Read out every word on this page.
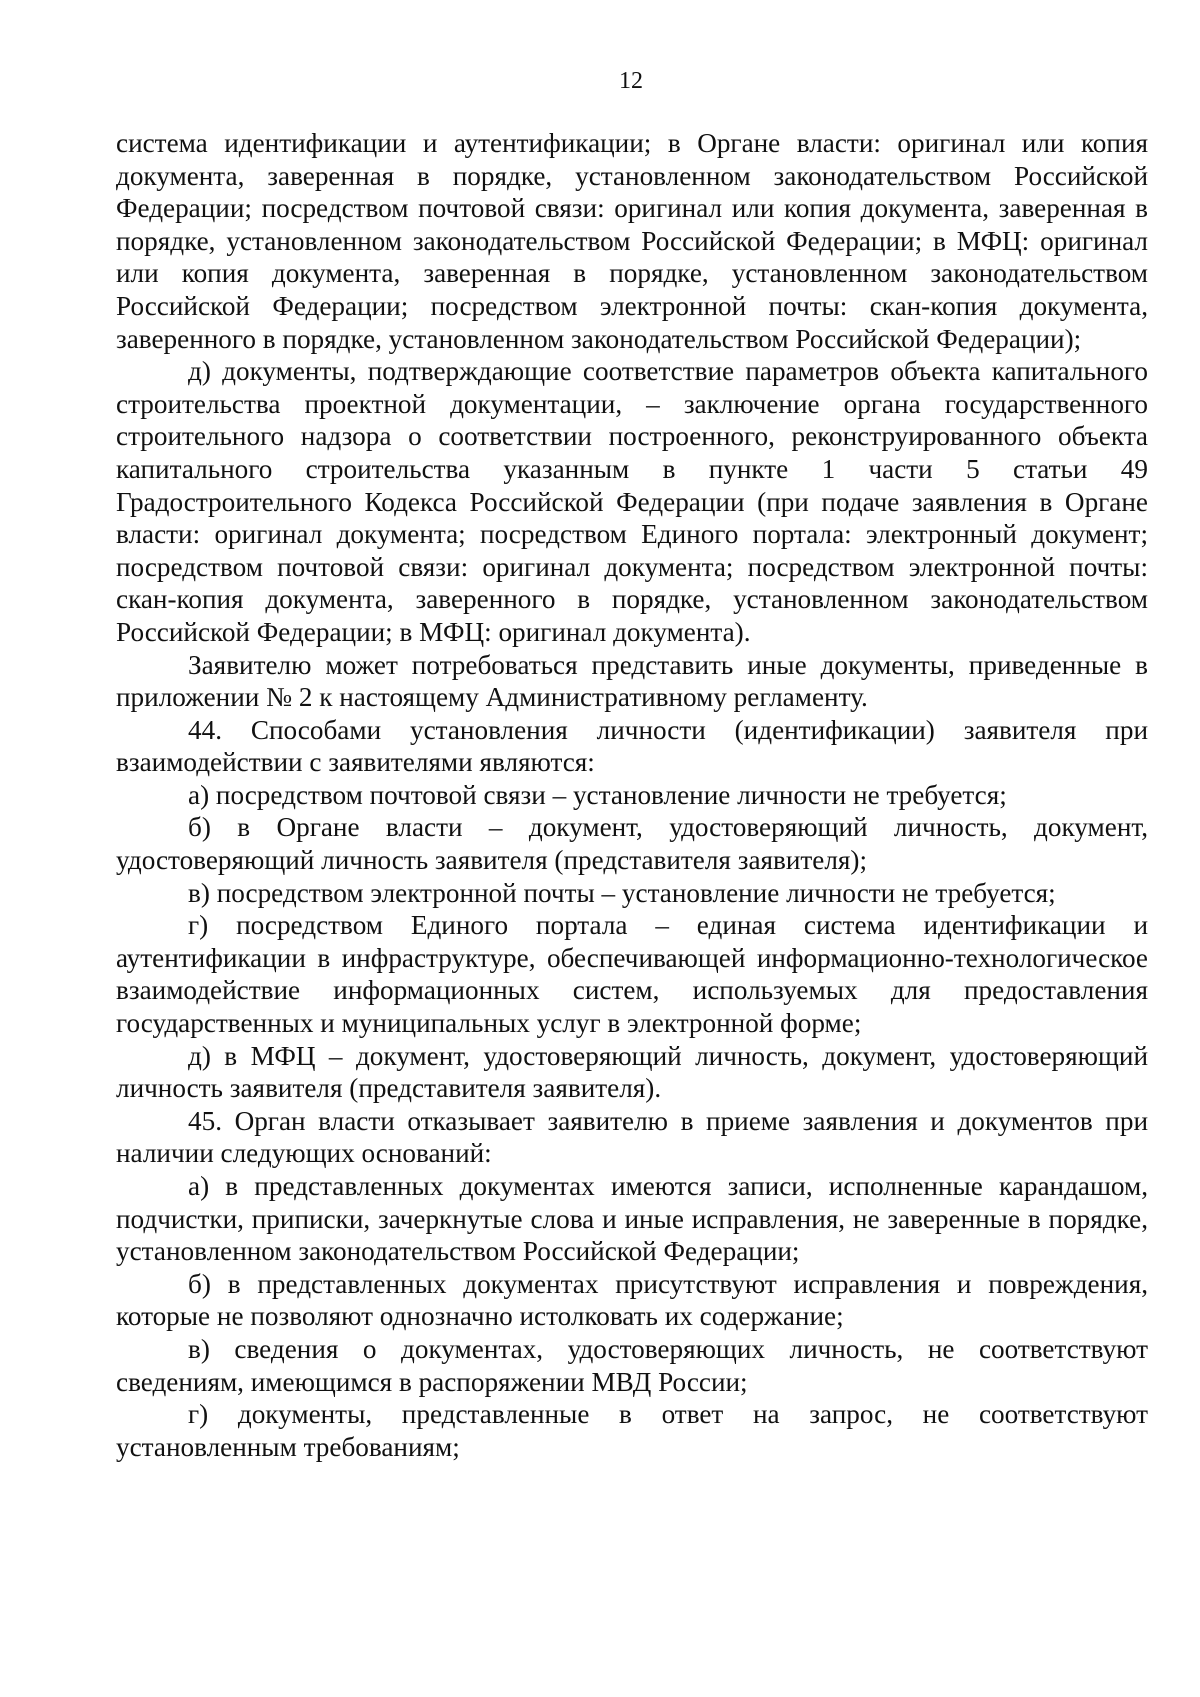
12

система идентификации и аутентификации; в Органе власти: оригинал или копия документа, заверенная в порядке, установленном законодательством Российской Федерации; посредством почтовой связи: оригинал или копия документа, заверенная в порядке, установленном законодательством Российской Федерации; в МФЦ: оригинал или копия документа, заверенная в порядке, установленном законодательством Российской Федерации; посредством электронной почты: скан-копия документа, заверенного в порядке, установленном законодательством Российской Федерации);

д) документы, подтверждающие соответствие параметров объекта капитального строительства проектной документации, – заключение органа государственного строительного надзора о соответствии построенного, реконструированного объекта капитального строительства указанным в пункте 1 части 5 статьи 49 Градостроительного Кодекса Российской Федерации (при подаче заявления в Органе власти: оригинал документа; посредством Единого портала: электронный документ; посредством почтовой связи: оригинал документа; посредством электронной почты: скан-копия документа, заверенного в порядке, установленном законодательством Российской Федерации; в МФЦ: оригинал документа).

Заявителю может потребоваться представить иные документы, приведенные в приложении № 2 к настоящему Административному регламенту.

44. Способами установления личности (идентификации) заявителя при взаимодействии с заявителями являются:

а) посредством почтовой связи – установление личности не требуется;

б) в Органе власти – документ, удостоверяющий личность, документ, удостоверяющий личность заявителя (представителя заявителя);

в) посредством электронной почты – установление личности не требуется;

г) посредством Единого портала – единая система идентификации и аутентификации в инфраструктуре, обеспечивающей информационно-технологическое взаимодействие информационных систем, используемых для предоставления государственных и муниципальных услуг в электронной форме;

д) в МФЦ – документ, удостоверяющий личность, документ, удостоверяющий личность заявителя (представителя заявителя).

45. Орган власти отказывает заявителю в приеме заявления и документов при наличии следующих оснований:

а) в представленных документах имеются записи, исполненные карандашом, подчистки, приписки, зачеркнутые слова и иные исправления, не заверенные в порядке, установленном законодательством Российской Федерации;

б) в представленных документах присутствуют исправления и повреждения, которые не позволяют однозначно истолковать их содержание;

в) сведения о документах, удостоверяющих личность, не соответствуют сведениям, имеющимся в распоряжении МВД России;

г) документы, представленные в ответ на запрос, не соответствуют установленным требованиям;
